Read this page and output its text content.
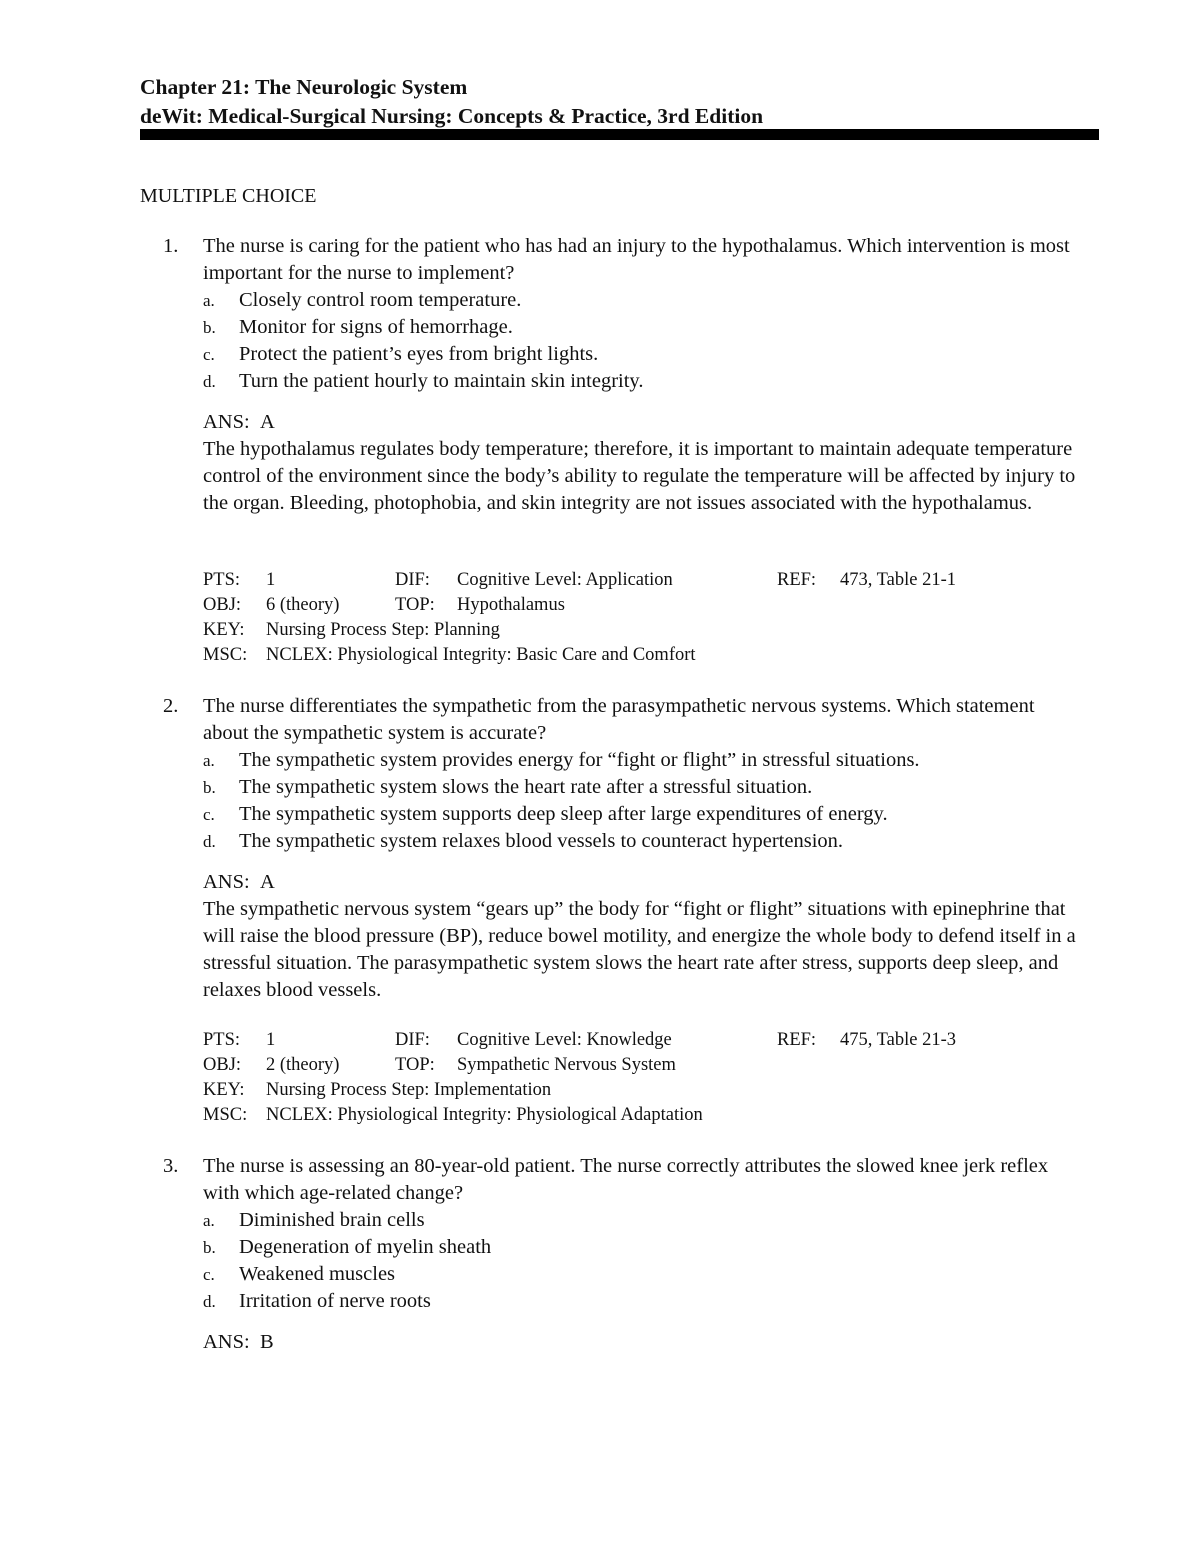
Chapter 21: The Neurologic System
deWit: Medical-Surgical Nursing: Concepts & Practice, 3rd Edition
MULTIPLE CHOICE
1.	The nurse is caring for the patient who has had an injury to the hypothalamus. Which intervention is most important for the nurse to implement?
a. Closely control room temperature.
b. Monitor for signs of hemorrhage.
c. Protect the patient’s eyes from bright lights.
d. Turn the patient hourly to maintain skin integrity.
ANS: A
The hypothalamus regulates body temperature; therefore, it is important to maintain adequate temperature control of the environment since the body’s ability to regulate the temperature will be affected by injury to the organ. Bleeding, photophobia, and skin integrity are not issues associated with the hypothalamus.
PTS: 1	DIF: Cognitive Level: Application	REF: 473, Table 21-1
OBJ: 6 (theory)	TOP: Hypothalamus
KEY: Nursing Process Step: Planning
MSC: NCLEX: Physiological Integrity: Basic Care and Comfort
2.	The nurse differentiates the sympathetic from the parasympathetic nervous systems. Which statement about the sympathetic system is accurate?
a. The sympathetic system provides energy for “fight or flight” in stressful situations.
b. The sympathetic system slows the heart rate after a stressful situation.
c. The sympathetic system supports deep sleep after large expenditures of energy.
d. The sympathetic system relaxes blood vessels to counteract hypertension.
ANS: A
The sympathetic nervous system “gears up” the body for “fight or flight” situations with epinephrine that will raise the blood pressure (BP), reduce bowel motility, and energize the whole body to defend itself in a stressful situation. The parasympathetic system slows the heart rate after stress, supports deep sleep, and relaxes blood vessels.
PTS: 1	DIF: Cognitive Level: Knowledge	REF: 475, Table 21-3
OBJ: 2 (theory)	TOP: Sympathetic Nervous System
KEY: Nursing Process Step: Implementation
MSC: NCLEX: Physiological Integrity: Physiological Adaptation
3.	The nurse is assessing an 80-year-old patient. The nurse correctly attributes the slowed knee jerk reflex with which age-related change?
a. Diminished brain cells
b. Degeneration of myelin sheath
c. Weakened muscles
d. Irritation of nerve roots
ANS: B
